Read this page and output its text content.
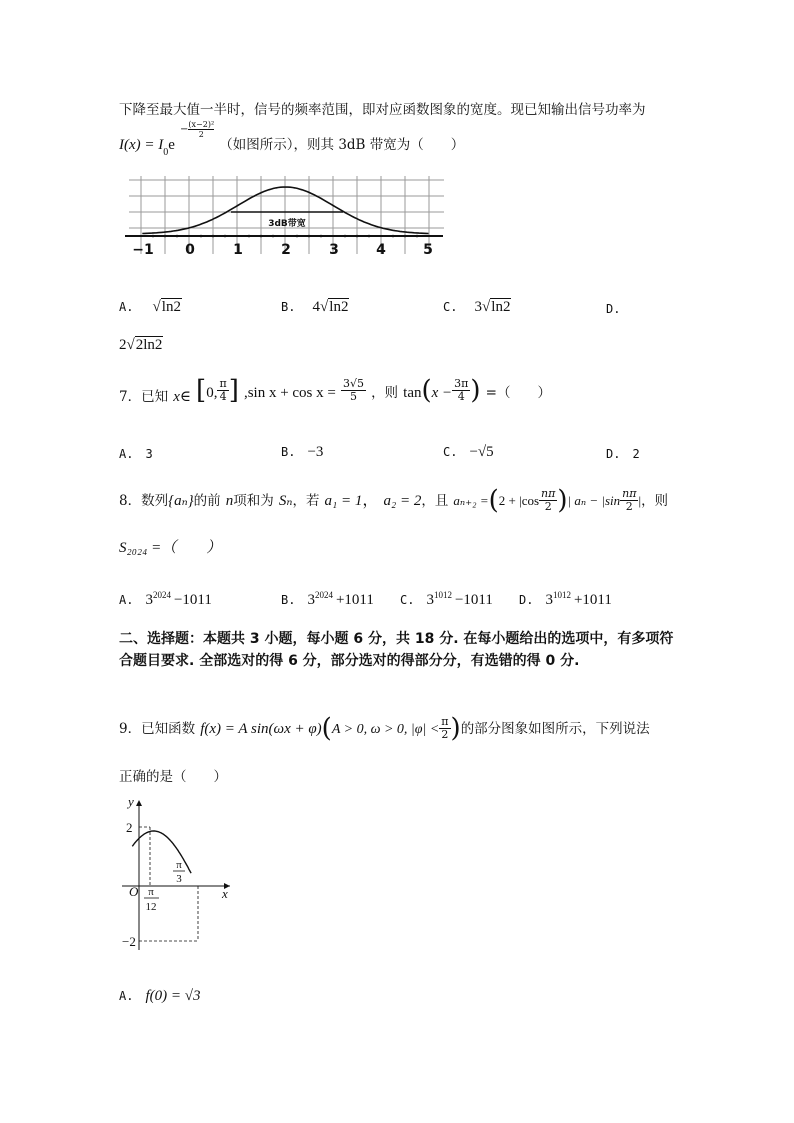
下降至最大值一半时，信号的频率范围，即对应函数图象的宽度。现已知输出信号功率为
$I(x) = I_0e$
− $\frac{\text{(x−2)²}}{2}$
$_{(如图所示),则其 3dB 带宽为( )}$
3dB带宽
−1 0	1	2	3	4	5
A. √ln2	B. 4√ln2	C. 3√ln2	D.
2√2ln2
$_{7.已知}$ x∈ [0, $\frac{\pi}{4}$ ] ,sin $x + \cos x = \frac{3√5}{5}$ ，则 $\tan(x - \frac{3\pi}{4}$ ) =（　　）
A. 3	B. −3	C. −√5	D. 2
8．数列{aₙ}的前 n项和为 Sₙ，若 a₁ = 1， a₂ = 2，且 $a_{n+2} =(2 + |\cos \frac{n\pi}{2}$ )| $a_n - |\sin \frac{n\pi}{2}$ |，则
S₂₀₂₄ =（　　）
A. $3^{2024} -1011$	B. $3^{2024} +1011$ C. $3^{1012} -1011$ D. $3^{1012} +1011$
二、选择题：本题共 3 小题，每小题 6 分，共 18 分. 在每小题给出的选项中，有多项符合题目要求. 全部选对的得 6 分，部分选对的得部分分，有选错的得 0 分.
9．已知函数 f(x) = A sin(ωx + φ)(A > 0, ω > 0, $|\varphi| < \frac{\pi}{2}$ )的部分图象如图所示，下列说法
正确的是（　　）
y
x
O
2
−2
π
12
π
3
A. f(0) = √3
